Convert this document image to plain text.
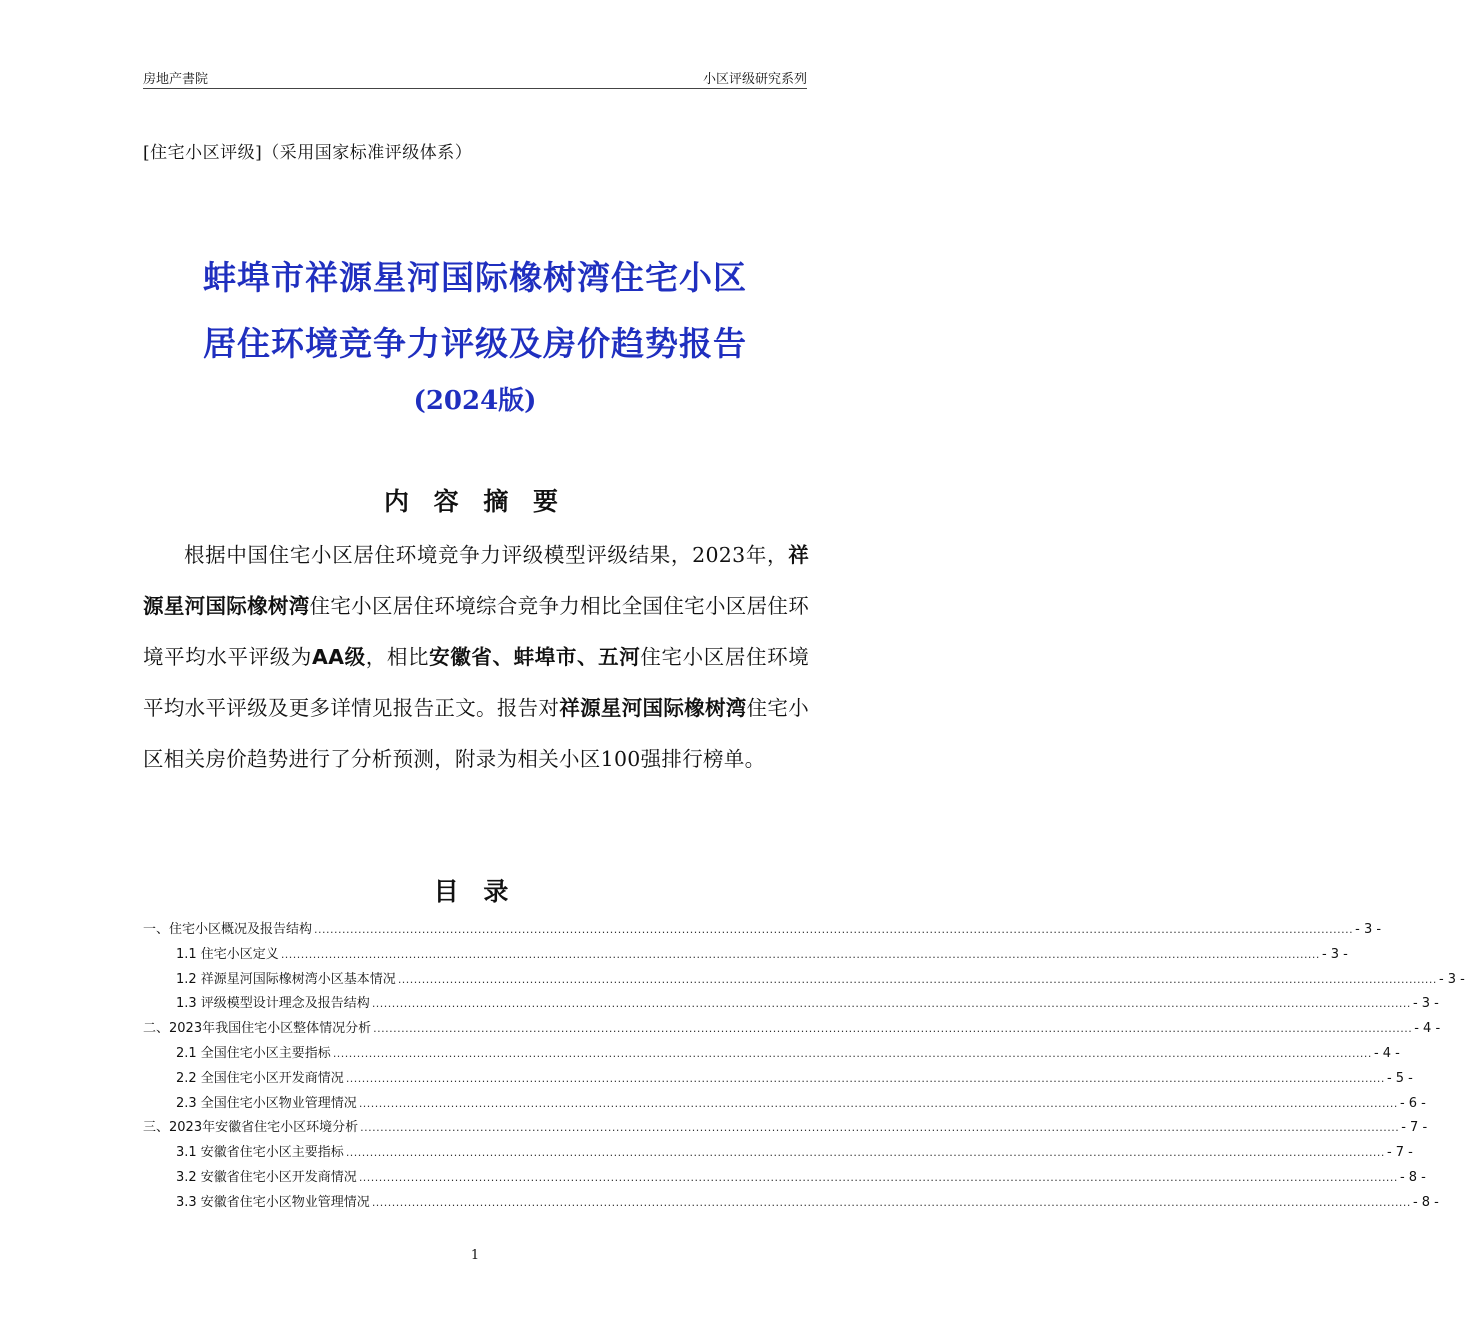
房地产書院	小区评级研究系列
[住宅小区评级]（采用国家标准评级体系）
蚌埠市祥源星河国际橡树湾住宅小区
居住环境竞争力评级及房价趋势报告
(2024版)
内 容 摘 要
根据中国住宅小区居住环境竞争力评级模型评级结果，2023年，祥源星河国际橡树湾住宅小区居住环境综合竞争力相比全国住宅小区居住环境平均水平评级为AA级，相比安徽省、蚌埠市、五河住宅小区居住环境平均水平评级及更多详情见报告正文。报告对祥源星河国际橡树湾住宅小区相关房价趋势进行了分析预测，附录为相关小区100强排行榜单。
目 录
一、住宅小区概况及报告结构 .................................................................................................................................................................................................................................................................... - 3 -
1.1 住宅小区定义 .................................................................................................................................................................................................................................................................... - 3 -
1.2 祥源星河国际橡树湾小区基本情况 .................................................................................................................................................................................................................................................................... - 3 -
1.3 评级模型设计理念及报告结构 .................................................................................................................................................................................................................................................................... - 3 -
二、2023年我国住宅小区整体情况分析 .................................................................................................................................................................................................................................................................... - 4 -
2.1 全国住宅小区主要指标 .................................................................................................................................................................................................................................................................... - 4 -
2.2 全国住宅小区开发商情况 .................................................................................................................................................................................................................................................................... - 5 -
2.3 全国住宅小区物业管理情况 .................................................................................................................................................................................................................................................................... - 6 -
三、2023年安徽省住宅小区环境分析 .................................................................................................................................................................................................................................................................... - 7 -
3.1 安徽省住宅小区主要指标 .................................................................................................................................................................................................................................................................... - 7 -
3.2 安徽省住宅小区开发商情况 .................................................................................................................................................................................................................................................................... - 8 -
3.3 安徽省住宅小区物业管理情况 .................................................................................................................................................................................................................................................................... - 8 -
1
